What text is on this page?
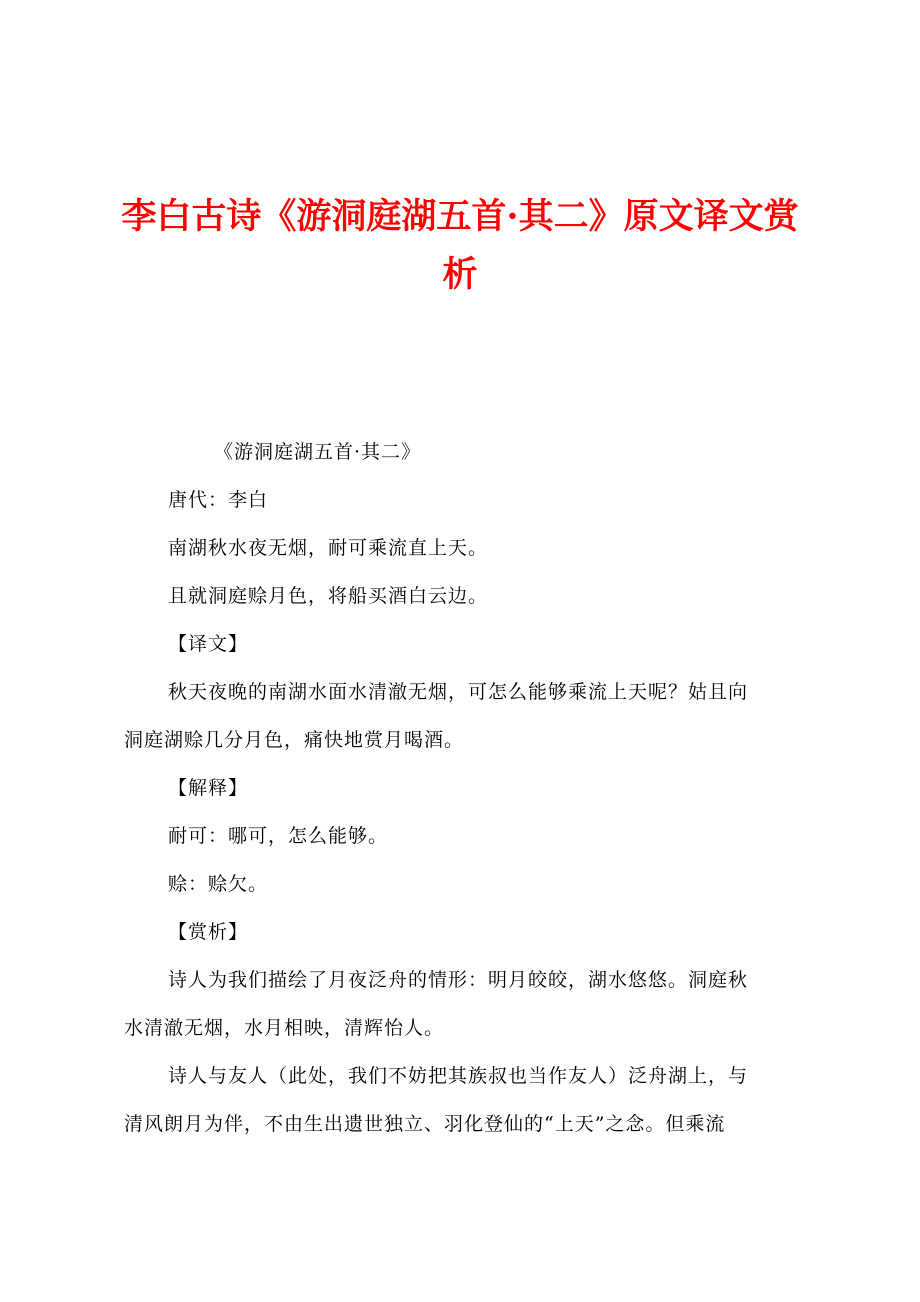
李白古诗《游洞庭湖五首·其二》原文译文赏析
《游洞庭湖五首·其二》
唐代：李白
南湖秋水夜无烟，耐可乘流直上天。
且就洞庭赊月色，将船买酒白云边。
【译文】
秋天夜晚的南湖水面水清澈无烟，可怎么能够乘流上天呢？姑且向
洞庭湖赊几分月色，痛快地赏月喝酒。
【解释】
耐可：哪可，怎么能够。
赊：赊欠。
【赏析】
诗人为我们描绘了月夜泛舟的情形：明月皎皎，湖水悠悠。洞庭秋
水清澈无烟，水月相映，清辉怡人。
诗人与友人（此处，我们不妨把其族叔也当作友人）泛舟湖上，与
清风朗月为伴，不由生出遗世独立、羽化登仙的“上天”之念。但乘流
